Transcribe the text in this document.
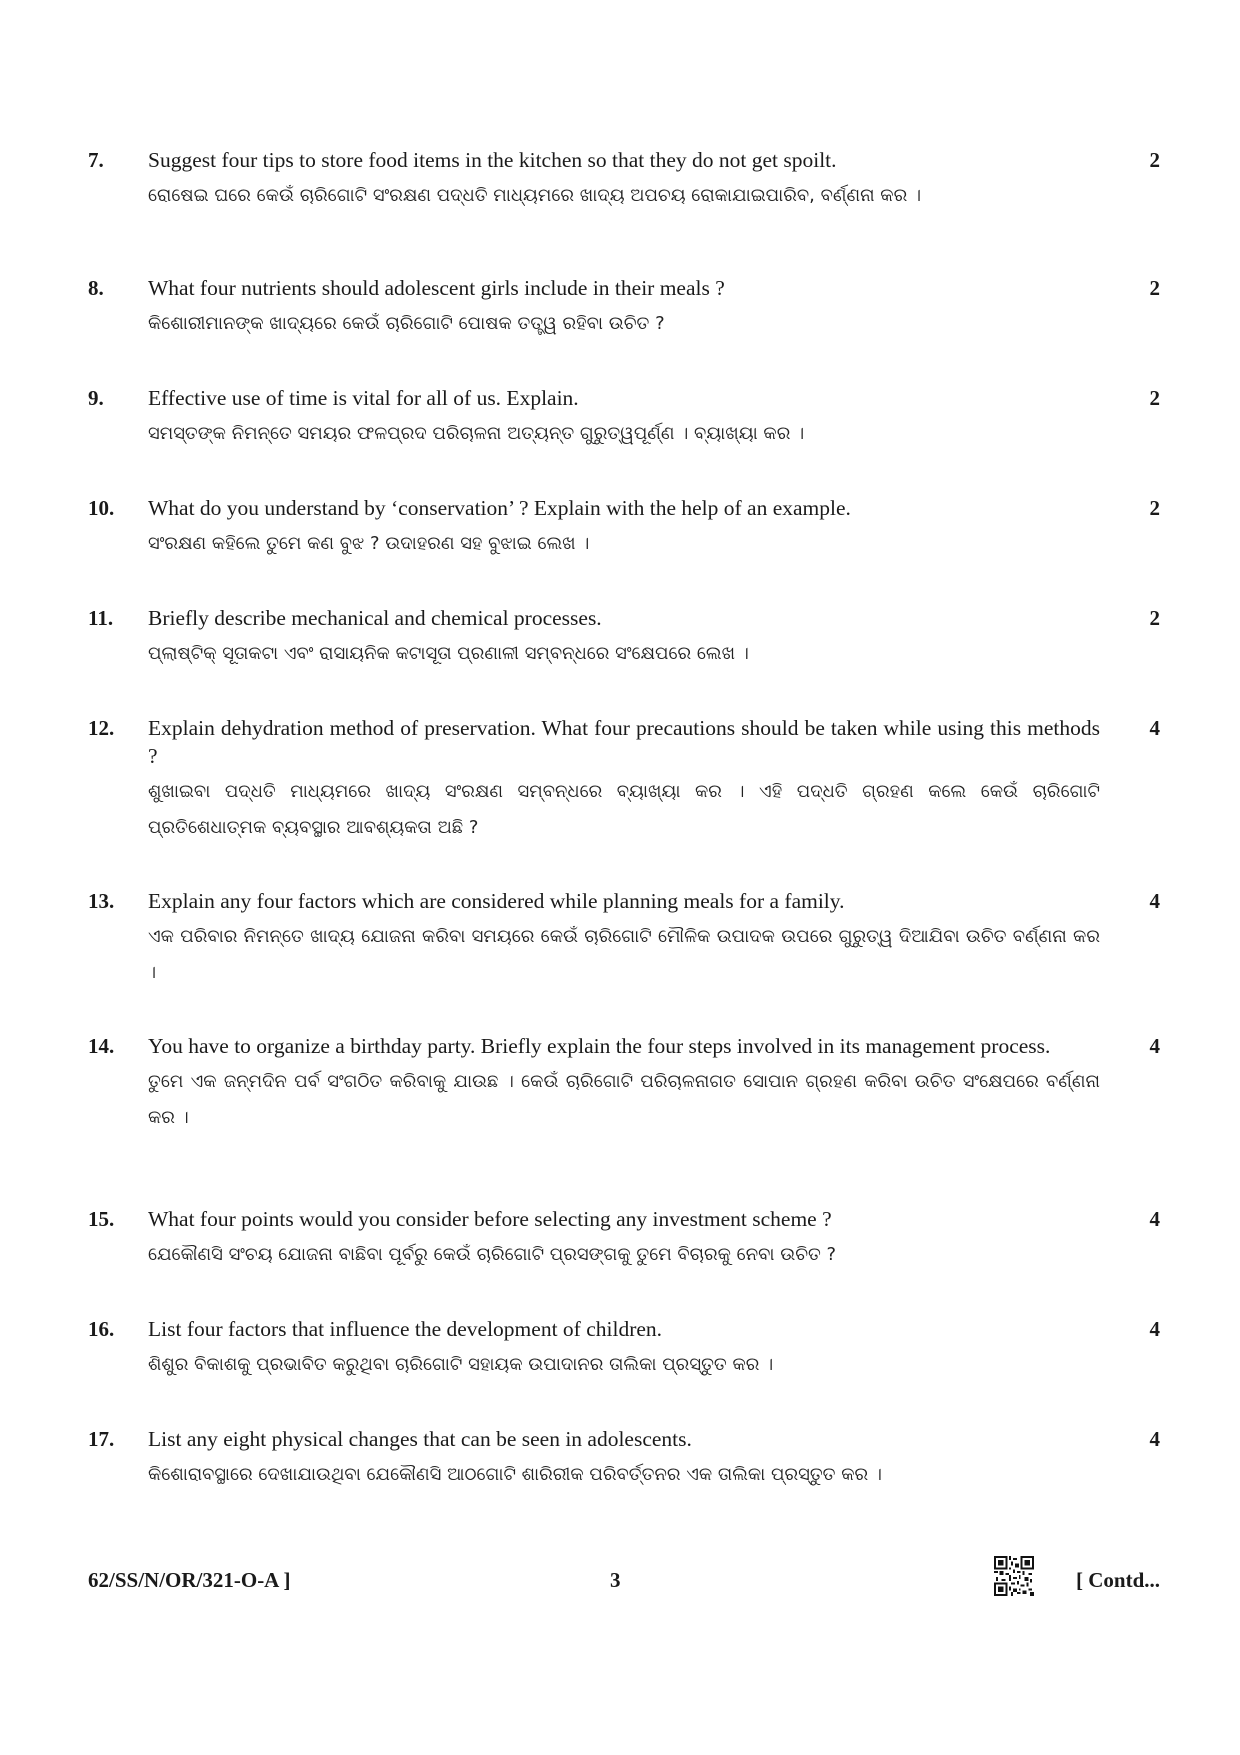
7.	Suggest four tips to store food items in the kitchen so that they do not get spoilt.
ରୋଷେଇ ଘରେ କେଉଁ ଚାରିଗୋଟି ସଂରକ୍ଷଣ ପଦ୍ଧତି ମାଧ୍ୟମରେ ଖାଦ୍ୟ ଅପଚୟ ରୋକାଯାଇପାରିବ, ବର୍ଣ୍ଣନା କର ।
2
8.	What four nutrients should adolescent girls include in their meals ?
କିଶୋରୀମାନଙ୍କ ଖାଦ୍ୟରେ କେଉଁ ଚାରିଗୋଟି ପୋଷକ ତତ୍ତ୍ୱ ରହିବା ଉଚିତ ?
2
9.	Effective use of time is vital for all of us. Explain.
ସମସ୍ତଙ୍କ ନିମନ୍ତେ ସମୟର ଫଳପ୍ରଦ ପରିଚାଳନା ଅତ୍ୟନ୍ତ ଗୁରୁତ୍ୱପୂର୍ଣ୍ଣ । ବ୍ୟାଖ୍ୟା କର ।
2
10.	What do you understand by ‘conservation’ ? Explain with the help of an example.
ସଂରକ୍ଷଣ କହିଲେ ତୁମେ କଣ ବୁଝ ? ଉଦାହରଣ ସହ ବୁଝାଇ ଲେଖ ।
2
11.	Briefly describe mechanical and chemical processes.
ପ୍ଲାଷ୍ଟିକ୍ ସୂତାକଟା ଏବଂ ରାସାୟନିକ କଟାସୂତା ପ୍ରଣାଳୀ ସମ୍ବନ୍ଧରେ ସଂକ୍ଷେପରେ ଲେଖ ।
2
12.	Explain dehydration method of preservation. What four precautions should be taken while using this methods ?
ଶୁଖାଇବା ପଦ୍ଧତି ମାଧ୍ୟମରେ ଖାଦ୍ୟ ସଂରକ୍ଷଣ ସମ୍ବନ୍ଧରେ ବ୍ୟାଖ୍ୟା କର । ଏହି ପଦ୍ଧତି ଗ୍ରହଣ କଲେ କେଉଁ ଚାରିଗୋଟି ପ୍ରତିଶେଧାତ୍ମକ ବ୍ୟବସ୍ଥାର ଆବଶ୍ୟକତା ଅଛି ?
4
13.	Explain any four factors which are considered while planning meals for a family.
ଏକ ପରିବାର ନିମନ୍ତେ ଖାଦ୍ୟ ଯୋଜନା କରିବା ସମୟରେ କେଉଁ ଚାରିଗୋଟି ମୌଳିକ ଉପାଦକ ଉପରେ ଗୁରୁତ୍ୱ ଦିଆଯିବା ଉଚିତ ବର୍ଣ୍ଣନା କର ।
4
14.	You have to organize a birthday party. Briefly explain the four steps involved in its management process.
ତୁମେ ଏକ ଜନ୍ମଦିନ ପର୍ବ ସଂଗଠିତ କରିବାକୁ ଯାଉଛ । କେଉଁ ଚାରିଗୋଟି ପରିଚାଳନାଗତ ସୋପାନ ଗ୍ରହଣ କରିବା ଉଚିତ ସଂକ୍ଷେପରେ ବର୍ଣ୍ଣନା କର ।
4
15.	What four points would you consider before selecting any investment scheme ?
ଯେକୌଣସି ସଂଚୟ ଯୋଜନା ବାଛିବା ପୂର୍ବରୁ କେଉଁ ଚାରିଗୋଟି ପ୍ରସଙ୍ଗକୁ ତୁମେ ବିଚାରକୁ ନେବା ଉଚିତ ?
4
16.	List four factors that influence the development of children.
ଶିଶୁର ବିକାଶକୁ ପ୍ରଭାବିତ କରୁଥିବା ଚାରିଗୋଟି ସହାୟକ ଉପାଦାନର ତାଲିକା ପ୍ରସ୍ତୁତ କର ।
4
17.	List any eight physical changes that can be seen in adolescents.
କିଶୋରାବସ୍ଥାରେ ଦେଖାଯାଉଥିବା ଯେକୌଣସି ଆଠଗୋଟି ଶାରିରୀକ ପରିବର୍ତ୍ତନର ଏକ ତାଲିକା ପ୍ରସ୍ତୁତ କର ।
4
62/SS/N/OR/321-O-A ]	3	[ Contd...
